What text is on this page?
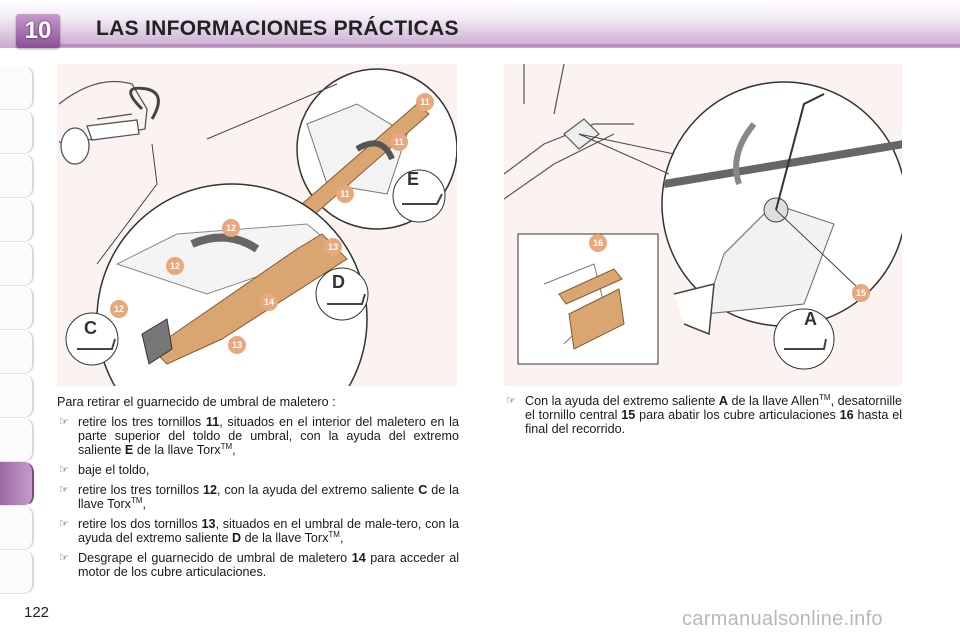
10	LAS INFORMACIONES PRÁCTICAS
11
11
11
12
12
12
13
13
14
E
D
C
16
15
A

Para retirar el guarnecido de umbral de maletero :

☞ retire los tres tornillos 11, situados en el interior del maletero en la parte superior del toldo de umbral, con la ayuda del extremo saliente E de la llave Torx™,
☞ baje el toldo,
☞ retire los tres tornillos 12, con la ayuda del extremo saliente C de la llave Torx™,
☞ retire los dos tornillos 13, situados en el umbral de male-tero, con la ayuda del extremo saliente D de la llave Torx™,
☞ Desgrape el guarnecido de umbral de maletero 14 para acceder al motor de los cubre articulaciones.
☞ Con la ayuda del extremo saliente A de la llave Allen™, desatornille el tornillo central 15 para abatir los cubre articulaciones 16 hasta el final del recorrido.
122	carmanualsonline.info
